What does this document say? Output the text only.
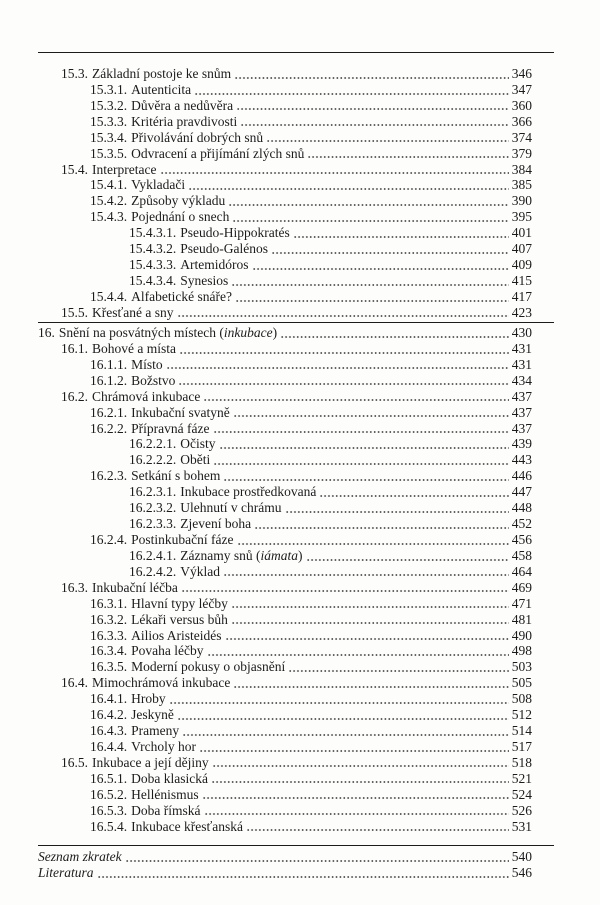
15.3. Základní postoje ke snům	346
15.3.1. Autenticita	347
15.3.2. Důvěra a nedůvěra	360
15.3.3. Kritéria pravdivosti	366
15.3.4. Přivolávání dobrých snů	374
15.3.5. Odvracení a přijímání zlých snů	379
15.4. Interpretace	384
15.4.1. Vykladači	385
15.4.2. Způsoby výkladu	390
15.4.3. Pojednání o snech	395
15.4.3.1. Pseudo-Hippokratés	401
15.4.3.2. Pseudo-Galénos	407
15.4.3.3. Artemidóros	409
15.4.3.4. Synesios	415
15.4.4. Alfabetické snáře?	417
15.5. Křesťané a sny	423
16. Snění na posvátných místech ( inkubace )	430
16.1. Bohové a místa	431
16.1.1. Místo	431
16.1.2. Božstvo	434
16.2. Chrámová inkubace	437
16.2.1. Inkubační svatyně	437
16.2.2. Přípravná fáze	437
16.2.2.1. Očisty	439
16.2.2.2. Oběti	443
16.2.3. Setkání s bohem	446
16.2.3.1. Inkubace prostředkovaná	447
16.2.3.2. Ulehnutí v chrámu	448
16.2.3.3. Zjevení boha	452
16.2.4. Postinkubační fáze	456
16.2.4.1. Záznamy snů ( iámata )	458
16.2.4.2. Výklad	464
16.3. Inkubační léčba	469
16.3.1. Hlavní typy léčby	471
16.3.2. Lékaři versus bůh	481
16.3.3. Ailios Aristeidés	490
16.3.4. Povaha léčby	498
16.3.5. Moderní pokusy o objasnění	503
16.4. Mimochrámová inkubace	505
16.4.1. Hroby	508
16.4.2. Jeskyně	512
16.4.3. Prameny	514
16.4.4. Vrcholy hor	517
16.5. Inkubace a její dějiny	518
16.5.1. Doba klasická	521
16.5.2. Hellénismus	524
16.5.3. Doba římská	526
16.5.4. Inkubace křesťanská	531
Seznam zkratek	540
Literatura	546
